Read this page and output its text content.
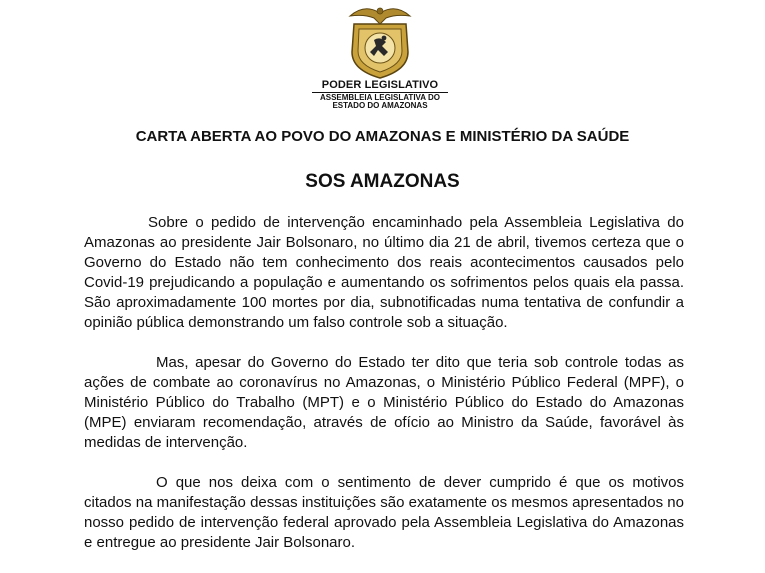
PODER LEGISLATIVO
ASSEMBLEIA LEGISLATIVA DO
ESTADO DO AMAZONAS
CARTA ABERTA AO POVO DO AMAZONAS E MINISTÉRIO DA SAÚDE
SOS AMAZONAS

Sobre o pedido de intervenção encaminhado pela Assembleia Legislativa do Amazonas ao presidente Jair Bolsonaro, no último dia 21 de abril, tivemos certeza que o Governo do Estado não tem conhecimento dos reais acontecimentos causados pelo Covid-19 prejudicando a população e aumentando os sofrimentos pelos quais ela passa. São aproximadamente 100 mortes por dia, subnotificadas numa tentativa de confundir a opinião pública demonstrando um falso controle sob a situação.

Mas, apesar do Governo do Estado ter dito que teria sob controle todas as ações de combate ao coronavírus no Amazonas, o Ministério Público Federal (MPF), o Ministério Público do Trabalho (MPT) e o Ministério Público do Estado do Amazonas (MPE) enviaram recomendação, através de ofício ao Ministro da Saúde, favorável às medidas de intervenção.

O que nos deixa com o sentimento de dever cumprido é que os motivos citados na manifestação dessas instituições são exatamente os mesmos apresentados no nosso pedido de intervenção federal aprovado pela Assembleia Legislativa do Amazonas e entregue ao presidente Jair Bolsonaro.
